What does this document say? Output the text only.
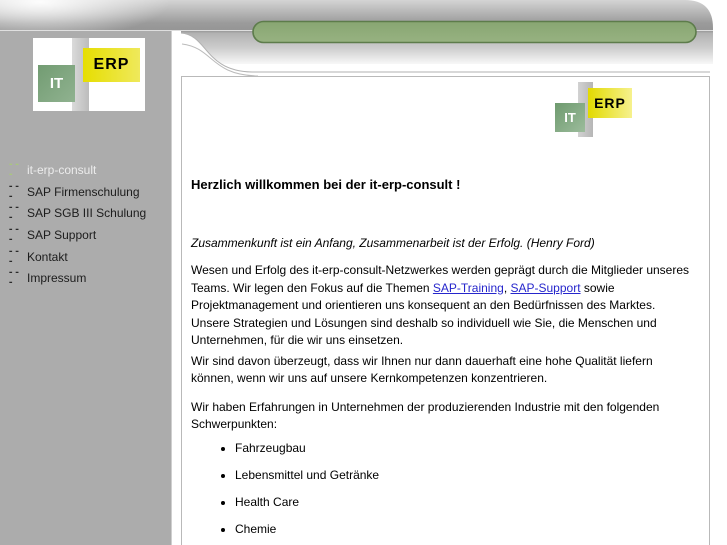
ERP
IT
---	it-erp-consult
---	SAP Firmenschulung
---	SAP SGB III Schulung
---	SAP Support
---	Kontakt
---	Impressum
ERP
IT
Herzlich willkommen bei der it-erp-consult !
Zusammenkunft ist ein Anfang, Zusammenarbeit ist der Erfolg. (Henry Ford)

Wesen und Erfolg des it-erp-consult-Netzwerkes werden geprägt durch die Mitglieder unseres Teams. Wir legen den Fokus auf die Themen SAP-Training, SAP-Support sowie Projektmanagement und orientieren uns konsequent an den Bedürfnissen des Marktes. Unsere Strategien und Lösungen sind deshalb so individuell wie Sie, die Menschen und Unternehmen, für die wir uns einsetzen.

Wir sind davon überzeugt, dass wir Ihnen nur dann dauerhaft eine hohe Qualität liefern können, wenn wir uns auf unsere Kernkompetenzen konzentrieren.

Wir haben Erfahrungen in Unternehmen der produzierenden Industrie mit den folgenden Schwerpunkten:

• Fahrzeugbau
• Lebensmittel und Getränke
• Health Care
• Chemie
